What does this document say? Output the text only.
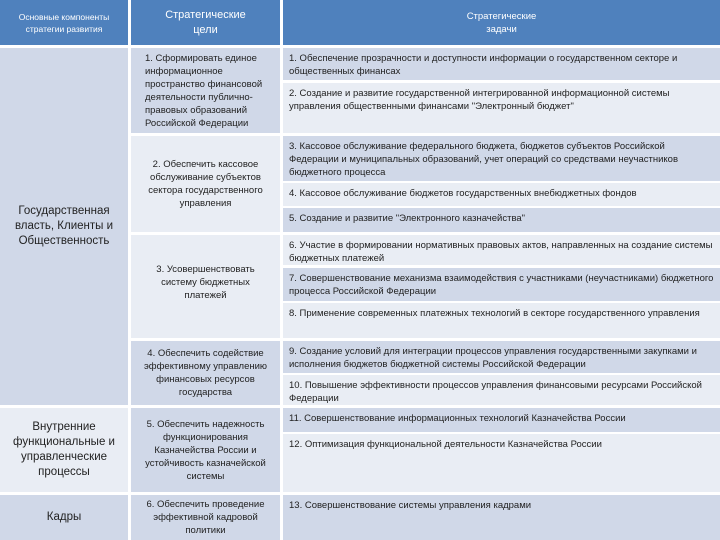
Основные компоненты стратегии развития
Стратегические цели
Стратегические задачи
Государственная власть, Клиенты и Общественность
Внутренние функциональные и управленческие процессы
Кадры
1. Сформировать единое информационное пространство финансовой деятельности публично-правовых образований Российской Федерации
2. Обеспечить кассовое обслуживание субъектов сектора государственного управления
3. Усовершенствовать систему бюджетных платежей
4. Обеспечить содействие эффективному управлению финансовых ресурсов государства
5. Обеспечить надежность функционирования Казначейства России и устойчивость казначейской системы
6. Обеспечить проведение эффективной кадровой политики
1. Обеспечение прозрачности и доступности информации о государственном секторе и общественных финансах
2. Создание и развитие государственной интегрированной информационной системы управления общественными финансами "Электронный бюджет"
3. Кассовое обслуживание федерального бюджета, бюджетов субъектов Российской Федерации и муниципальных образований, учет операций со средствами неучастников бюджетного процесса
4. Кассовое обслуживание бюджетов государственных внебюджетных фондов
5. Создание и развитие "Электронного казначейства"
6. Участие в формировании нормативных правовых актов, направленных на создание системы бюджетных платежей
7. Совершенствование механизма взаимодействия с участниками (неучастниками) бюджетного процесса Российской Федерации
8. Применение современных платежных технологий в секторе государственного управления
9. Создание условий для интеграции процессов управления государственными закупками и исполнения бюджетов бюджетной системы Российской Федерации
10. Повышение эффективности процессов управления финансовыми ресурсами Российской Федерации
11. Совершенствование информационных технологий Казначейства России
12. Оптимизация функциональной деятельности Казначейства России
13. Совершенствование системы управления кадрами
